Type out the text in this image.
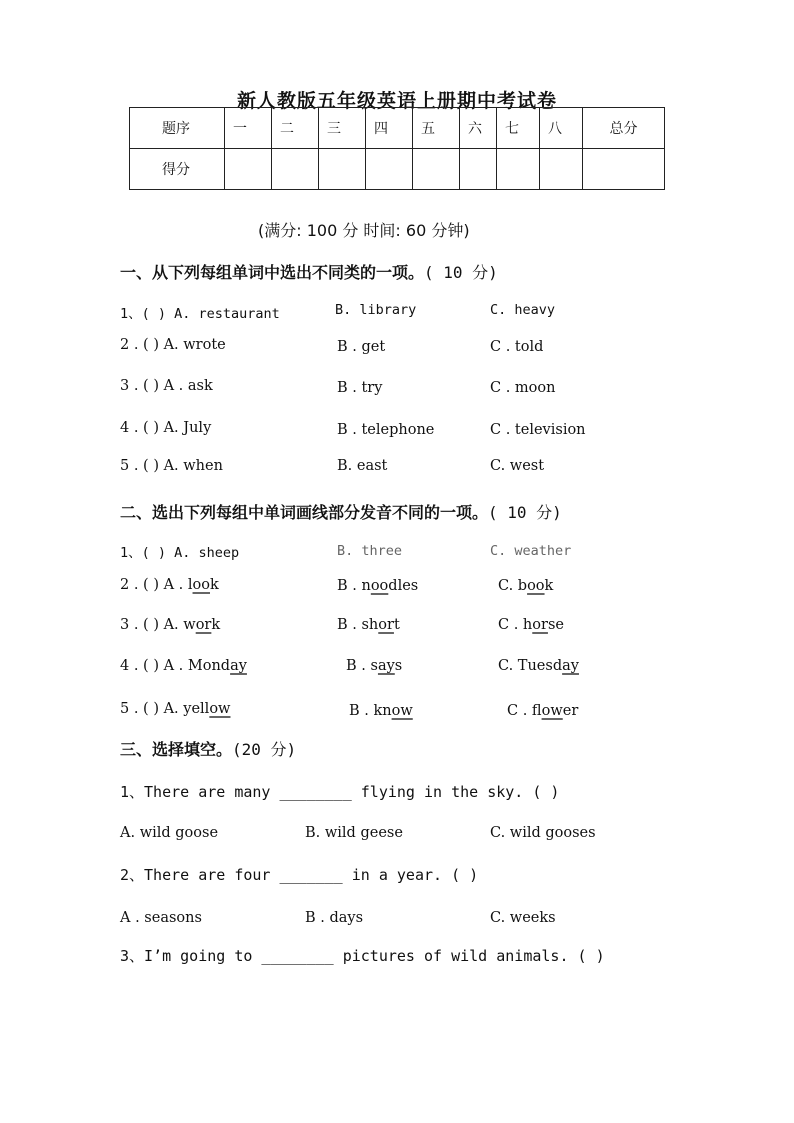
新人教版五年级英语上册期中考试卷
题序	一	二	三	四	五	六	七	八	总分
得分									
(满分: 100 分 时间: 60 分钟)
一、从下列每组单词中选出不同类的一项。( 10 分)
1、( ) A. restaurant	B. library	C. heavy
2 . ( ) A. wrote	B . get	C . told
3 . ( ) A . ask	B . try	C . moon
4 . ( ) A. July	B . telephone	C . television
5 . ( ) A. when	B. east	C. west
二、选出下列每组中单词画线部分发音不同的一项。( 10 分)
1、( ) A. sheep	B. three	C. weather
2 . ( ) A . look	B . noodles	C. book
3 . ( ) A. work	B . short	C . horse
4 . ( ) A . Monday	B . says	C. Tuesday
5 . ( ) A. yellow	B . know	C . flower
三、选择填空。(20 分)
1、There are many ________ flying in the sky. ( )
A. wild goose	B. wild geese	C. wild gooses
2、There are four _______ in a year. ( )
A . seasons	B . days	C. weeks
3、I’m going to ________ pictures of wild animals. ( )
